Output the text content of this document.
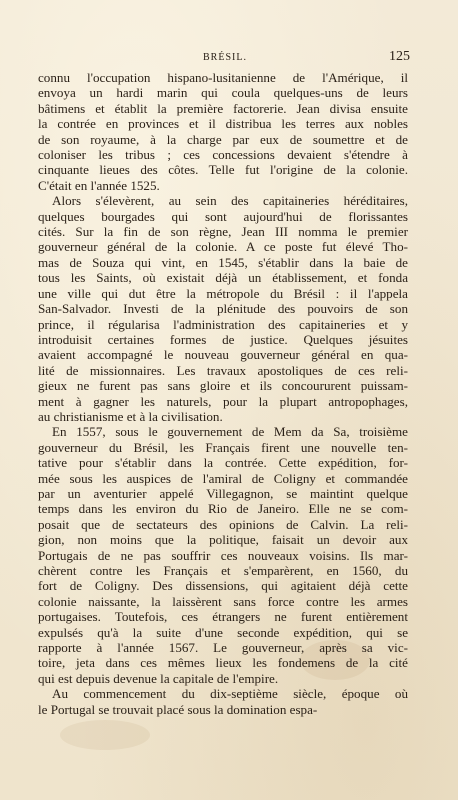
BRÉSIL.	125

connu l'occupation hispano-lusitanienne de l'Amérique, il
envoya un hardi marin qui coula quelques-uns de leurs
bâtimens et établit la première factorerie. Jean divisa ensuite
la contrée en provinces et il distribua les terres aux nobles
de son royaume, à la charge par eux de soumettre et de
coloniser les tribus ; ces concessions devaient s'étendre à
cinquante lieues des côtes. Telle fut l'origine de la colonie.
C'était en l'année 1525.

Alors s'élevèrent, au sein des capitaineries héréditaires,
quelques bourgades qui sont aujourd'hui de florissantes
cités. Sur la fin de son règne, Jean III nomma le premier
gouverneur général de la colonie. A ce poste fut élevé Tho-
mas de Souza qui vint, en 1545, s'établir dans la baie de
tous les Saints, où existait déjà un établissement, et fonda
une ville qui dut être la métropole du Brésil : il l'appela
San-Salvador. Investi de la plénitude des pouvoirs de son
prince, il régularisa l'administration des capitaineries et y
introduisit certaines formes de justice. Quelques jésuites
avaient accompagné le nouveau gouverneur général en qua-
lité de missionnaires. Les travaux apostoliques de ces reli-
gieux ne furent pas sans gloire et ils concoururent puissam-
ment à gagner les naturels, pour la plupart antropophages,
au christianisme et à la civilisation.

En 1557, sous le gouvernement de Mem da Sa, troisième
gouverneur du Brésil, les Français firent une nouvelle ten-
tative pour s'établir dans la contrée. Cette expédition, for-
mée sous les auspices de l'amiral de Coligny et commandée
par un aventurier appelé Villegagnon, se maintint quelque
temps dans les environ du Rio de Janeiro. Elle ne se com-
posait que de sectateurs des opinions de Calvin. La reli-
gion, non moins que la politique, faisait un devoir aux
Portugais de ne pas souffrir ces nouveaux voisins. Ils mar-
chèrent contre les Français et s'emparèrent, en 1560, du
fort de Coligny. Des dissensions, qui agitaient déjà cette
colonie naissante, la laissèrent sans force contre les armes
portugaises. Toutefois, ces étrangers ne furent entièrement
expulsés qu'à la suite d'une seconde expédition, qui se
rapporte à l'année 1567. Le gouverneur, après sa vic-
toire, jeta dans ces mêmes lieux les fondemens de la cité
qui est depuis devenue la capitale de l'empire.

Au commencement du dix-septième siècle, époque où
le Portugal se trouvait placé sous la domination espa-
